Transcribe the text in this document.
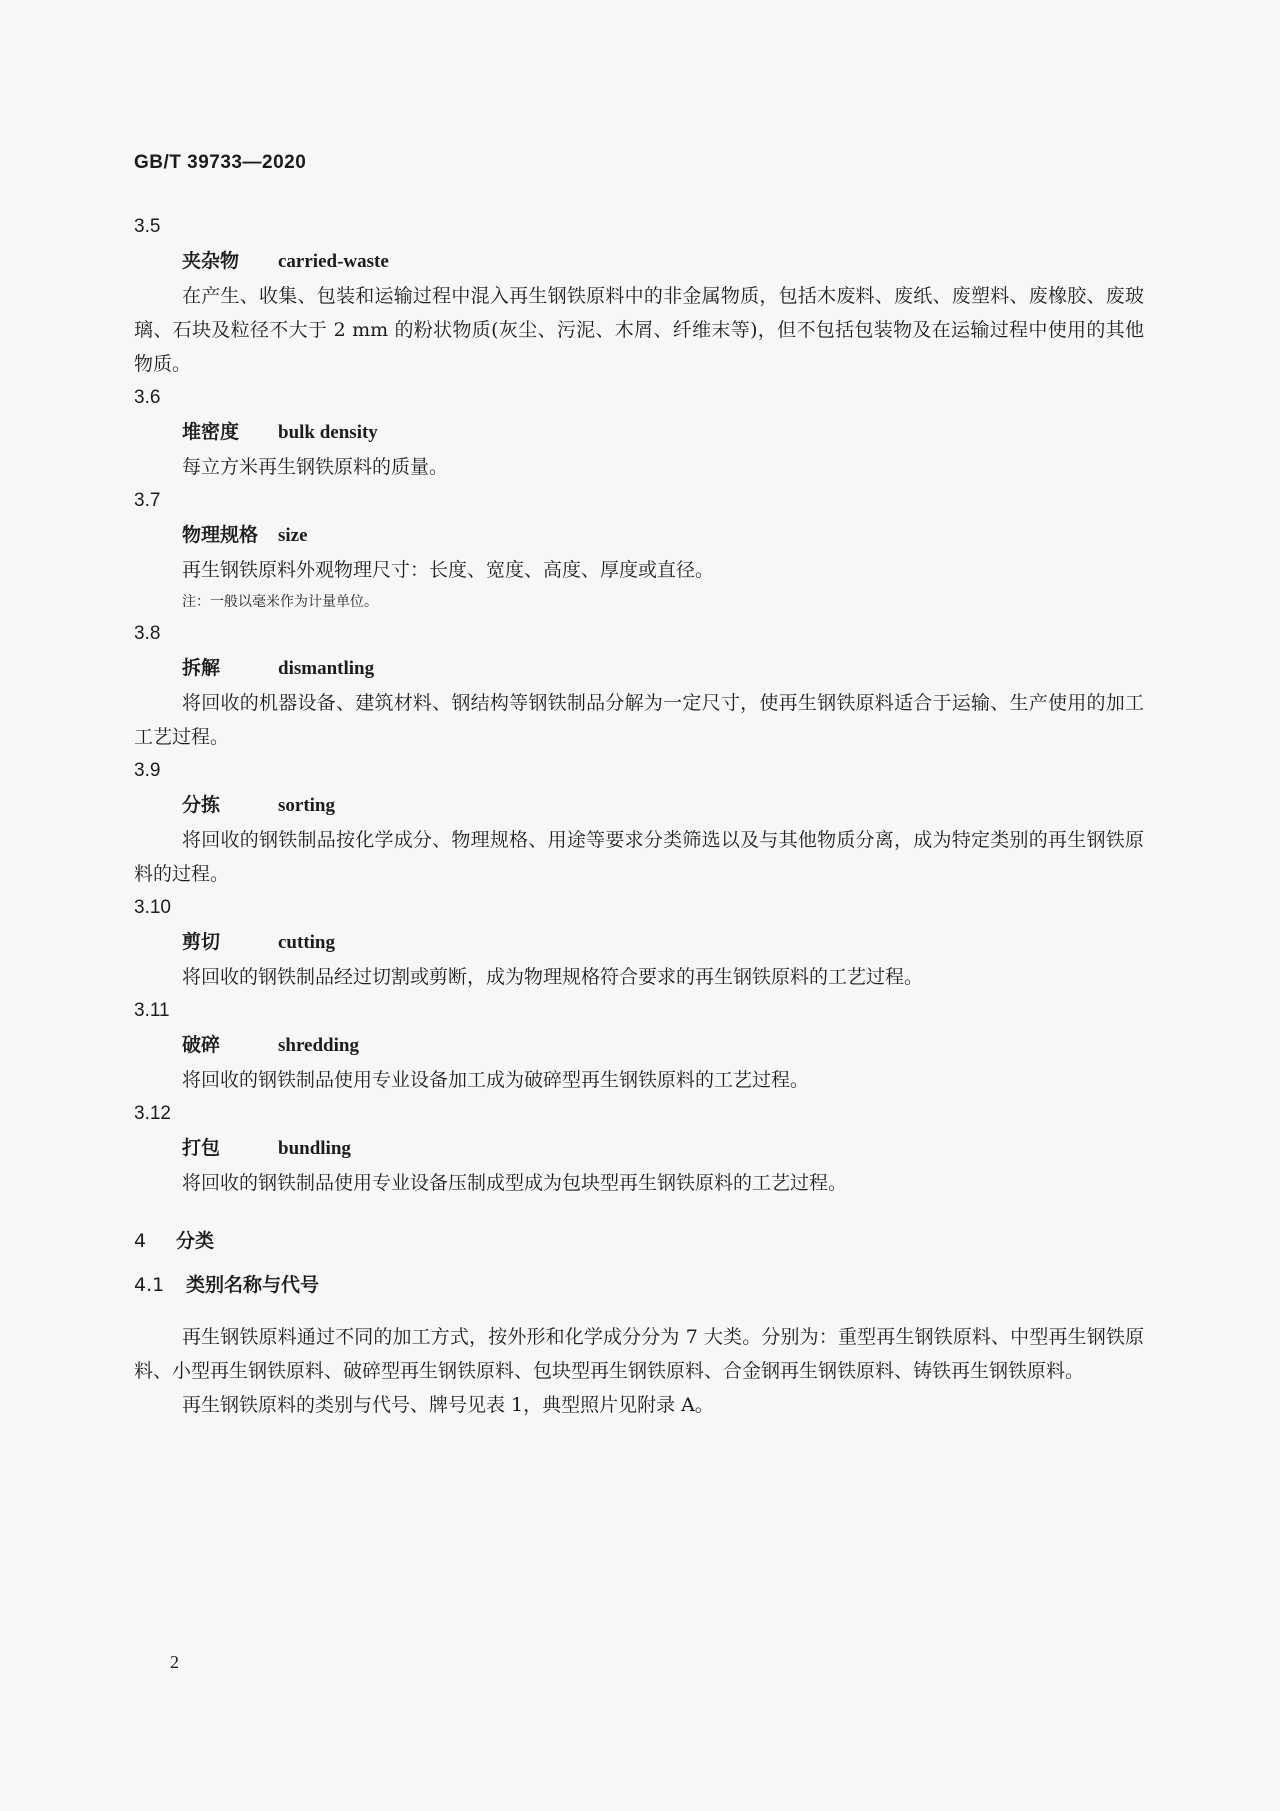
GB/T 39733—2020
3.5
夹杂物 carried-waste
在产生、收集、包装和运输过程中混入再生钢铁原料中的非金属物质，包括木废料、废纸、废塑料、废橡胶、废玻璃、石块及粒径不大于 2 mm 的粉状物质(灰尘、污泥、木屑、纤维末等)，但不包括包装物及在运输过程中使用的其他物质。
3.6
堆密度 bulk density
每立方米再生钢铁原料的质量。
3.7
物理规格 size
再生钢铁原料外观物理尺寸：长度、宽度、高度、厚度或直径。
注：一般以毫米作为计量单位。
3.8
拆解	dismantling
将回收的机器设备、建筑材料、钢结构等钢铁制品分解为一定尺寸，使再生钢铁原料适合于运输、生产使用的加工工艺过程。
3.9
分拣	sorting
将回收的钢铁制品按化学成分、物理规格、用途等要求分类筛选以及与其他物质分离，成为特定类别的再生钢铁原料的过程。
3.10
剪切	cutting
将回收的钢铁制品经过切割或剪断，成为物理规格符合要求的再生钢铁原料的工艺过程。
3.11
破碎	shredding
将回收的钢铁制品使用专业设备加工成为破碎型再生钢铁原料的工艺过程。
3.12
打包	bundling
将回收的钢铁制品使用专业设备压制成型成为包块型再生钢铁原料的工艺过程。
4 分类
4.1 类别名称与代号
再生钢铁原料通过不同的加工方式，按外形和化学成分分为 7 大类。分别为：重型再生钢铁原料、中型再生钢铁原料、小型再生钢铁原料、破碎型再生钢铁原料、包块型再生钢铁原料、合金钢再生钢铁原料、铸铁再生钢铁原料。
再生钢铁原料的类别与代号、牌号见表 1，典型照片见附录 A。
2
